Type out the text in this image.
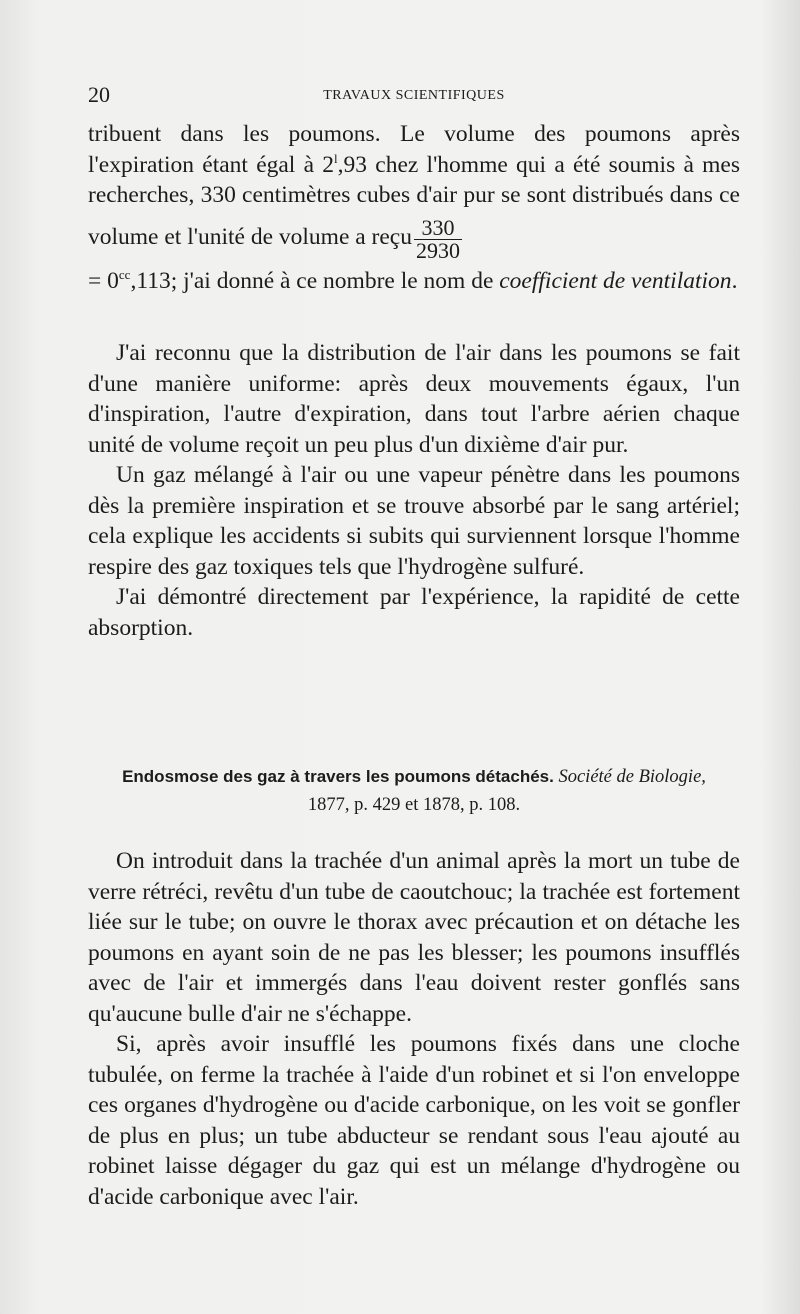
20	TRAVAUX SCIENTIFIQUES

tribuent dans les poumons. Le volume des poumons après l'expiration étant égal à 2$^l$,93 chez l'homme qui a été soumis à mes recherches, 330 centimètres cubes d'air pur se sont distribués dans ce volume et l'unité de volume a reçu $\frac{330}{2930}$

= $0^{cc},113$; j'ai donné à ce nombre le nom de coefficient de ventilation.

J'ai reconnu que la distribution de l'air dans les poumons se fait d'une manière uniforme: après deux mouvements égaux, l'un d'inspiration, l'autre d'expiration, dans tout l'arbre aérien chaque unité de volume reçoit un peu plus d'un dixième d'air pur.

Un gaz mélangé à l'air ou une vapeur pénètre dans les poumons dès la première inspiration et se trouve absorbé par le sang artériel; cela explique les accidents si subits qui surviennent lorsque l'homme respire des gaz toxiques tels que l'hydrogène sulfuré.

J'ai démontré directement par l'expérience, la rapidité de cette absorption.

Endosmose des gaz à travers les poumons détachés. Société de Biologie,
1877, p. 429 et 1878, p. 108.

On introduit dans la trachée d'un animal après la mort un tube de verre rétréci, revêtu d'un tube de caoutchouc; la trachée est fortement liée sur le tube; on ouvre le thorax avec précaution et on détache les poumons en ayant soin de ne pas les blesser; les poumons insufflés avec de l'air et immergés dans l'eau doivent rester gonflés sans qu'aucune bulle d'air ne s'échappe.

Si, après avoir insufflé les poumons fixés dans une cloche tubulée, on ferme la trachée à l'aide d'un robinet et si l'on enveloppe ces organes d'hydrogène ou d'acide carbonique, on les voit se gonfler de plus en plus; un tube abducteur se rendant sous l'eau ajouté au robinet laisse dégager du gaz qui est un mélange d'hydrogène ou d'acide carbonique avec l'air.
